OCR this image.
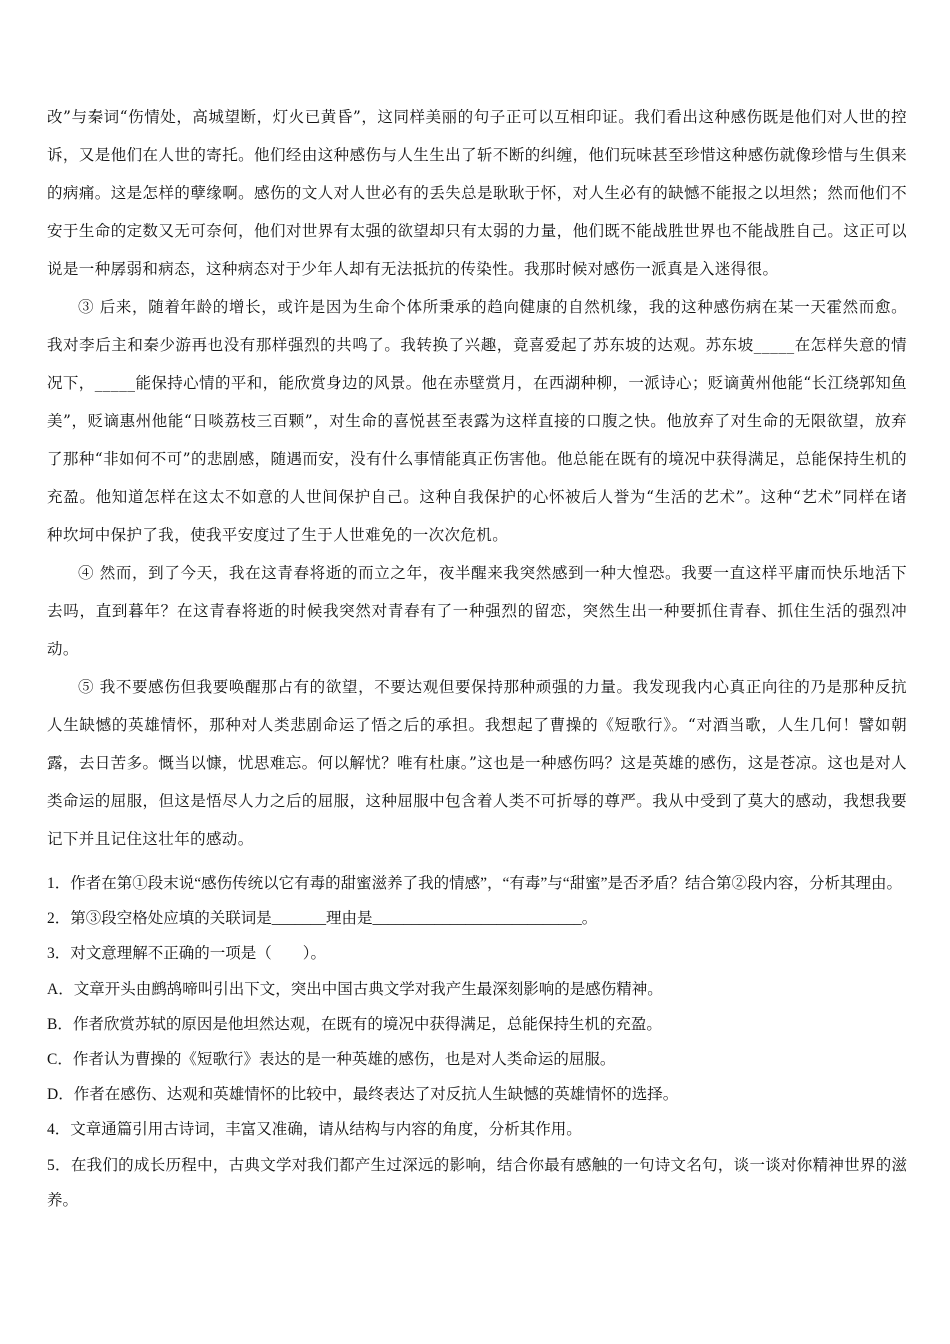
改”与秦词“伤情处，高城望断，灯火已黄昏”，这同样美丽的句子正可以互相印证。我们看出这种感伤既是他们对人世的控诉，又是他们在人世的寄托。他们经由这种感伤与人生生出了斩不断的纠缠，他们玩味甚至珍惜这种感伤就像珍惜与生俱来的病痛。这是怎样的孽缘啊。感伤的文人对人世必有的丢失总是耿耿于怀，对人生必有的缺憾不能报之以坦然；然而他们不安于生命的定数又无可奈何，他们对世界有太强的欲望却只有太弱的力量，他们既不能战胜世界也不能战胜自己。这正可以说是一种孱弱和病态，这种病态对于少年人却有无法抵抗的传染性。我那时候对感伤一派真是入迷得很。

③ 后来，随着年龄的增长，或许是因为生命个体所秉承的趋向健康的自然机缘，我的这种感伤病在某一天霍然而愈。我对李后主和秦少游再也没有那样强烈的共鸣了。我转换了兴趣，竟喜爱起了苏东坡的达观。苏东坡_____在怎样失意的情况下，_____能保持心情的平和，能欣赏身边的风景。他在赤壁赏月，在西湖种柳，一派诗心；贬谪黄州他能“长江绕郭知鱼美”，贬谪惠州他能“日啖荔枝三百颗”，对生命的喜悦甚至表露为这样直接的口腹之快。他放弃了对生命的无限欲望，放弃了那种“非如何不可”的悲剧感，随遇而安，没有什么事情能真正伤害他。他总能在既有的境况中获得满足，总能保持生机的充盈。他知道怎样在这太不如意的人世间保护自己。这种自我保护的心怀被后人誉为“生活的艺术”。这种“艺术”同样在诸种坎坷中保护了我，使我平安度过了生于人世难免的一次次危机。

④ 然而，到了今天，我在这青春将逝的而立之年，夜半醒来我突然感到一种大惶恐。我要一直这样平庸而快乐地活下去吗，直到暮年？在这青春将逝的时候我突然对青春有了一种强烈的留恋，突然生出一种要抓住青春、抓住生活的强烈冲动。

⑤ 我不要感伤但我要唤醒那占有的欲望，不要达观但要保持那种顽强的力量。我发现我内心真正向往的乃是那种反抗人生缺憾的英雄情怀，那种对人类悲剧命运了悟之后的承担。我想起了曹操的《短歌行》。“对酒当歌，人生几何！譬如朝露，去日苦多。慨当以慷，忧思难忘。何以解忧？唯有杜康。”这也是一种感伤吗？这是英雄的感伤，这是苍凉。这也是对人类命运的屈服，但这是悟尽人力之后的屈服，这种屈服中包含着人类不可折辱的尊严。我从中受到了莫大的感动，我想我要记下并且记住这壮年的感动。

1．作者在第①段末说“感伤传统以它有毒的甜蜜滋养了我的情感”，“有毒”与“甜蜜”是否矛盾？结合第②段内容，分析其理由。

2．第③段空格处应填的关联词是_______理由是___________________________。

3．对文意理解不正确的一项是（　　）。

A．文章开头由鹧鸪啼叫引出下文，突出中国古典文学对我产生最深刻影响的是感伤精神。

B．作者欣赏苏轼的原因是他坦然达观，在既有的境况中获得满足，总能保持生机的充盈。

C．作者认为曹操的《短歌行》表达的是一种英雄的感伤，也是对人类命运的屈服。

D．作者在感伤、达观和英雄情怀的比较中，最终表达了对反抗人生缺憾的英雄情怀的选择。

4．文章通篇引用古诗词，丰富又准确，请从结构与内容的角度，分析其作用。

5．在我们的成长历程中，古典文学对我们都产生过深远的影响，结合你最有感触的一句诗文名句，谈一谈对你精神世界的滋养。
